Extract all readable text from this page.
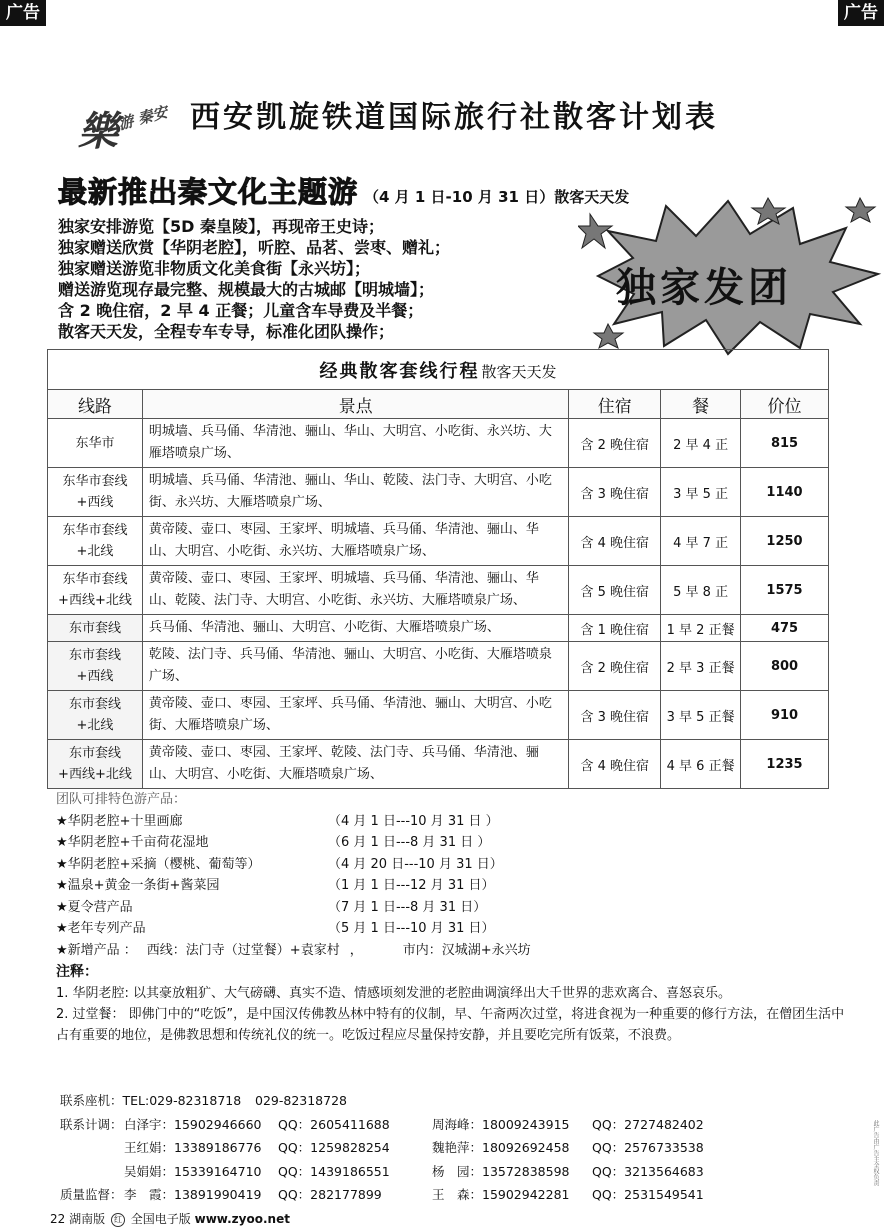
广告	广告
樂
游 秦安 西安凯旋铁道国际旅行社散客计划表
最新推出秦文化主题游 （4 月 1 日-10 月 31 日）散客天天发
独家安排游览【5D 秦皇陵】，再现帝王史诗；
独家赠送欣赏【华阴老腔】，听腔、品茗、尝枣、赠礼；
独家赠送游览非物质文化美食街【永兴坊】；
赠送游览现存最完整、规模最大的古城邮【明城墙】；
含 2 晚住宿，2 早 4 正餐；儿童含车导费及半餐；
散客天天发，全程专车专导，标准化团队操作；
独家发团
经典散客套线行程 散客天天发				
线路	景点	住宿	餐	价位

东华市	明城墙、兵马俑、华清池、骊山、华山、大明宫、小吃街、永兴坊、大雁塔喷泉广场、	含 2 晚住宿	2 早 4 正	815

东华市套线
+西线	明城墙、兵马俑、华清池、骊山、华山、乾陵、法门寺、大明宫、小吃街、永兴坊、大雁塔喷泉广场、	含 3 晚住宿	3 早 5 正	1140

东华市套线
+北线	黄帝陵、壶口、枣园、王家坪、明城墙、兵马俑、华清池、骊山、华山、大明宫、小吃街、永兴坊、大雁塔喷泉广场、	含 4 晚住宿	4 早 7 正	1250

东华市套线
+西线+北线	黄帝陵、壶口、枣园、王家坪、明城墙、兵马俑、华清池、骊山、华山、乾陵、法门寺、大明宫、小吃街、永兴坊、大雁塔喷泉广场、	含 5 晚住宿	5 早 8 正	1575

东市套线	兵马俑、华清池、骊山、大明宫、小吃街、大雁塔喷泉广场、	含 1 晚住宿	1 早 2 正餐	475

东市套线
+西线	乾陵、法门寺、兵马俑、华清池、骊山、大明宫、小吃街、大雁塔喷泉广场、	含 2 晚住宿	2 早 3 正餐	800

东市套线
+北线	黄帝陵、壶口、枣园、王家坪、兵马俑、华清池、骊山、大明宫、小吃街、大雁塔喷泉广场、	含 3 晚住宿	3 早 5 正餐	910

东市套线
+西线+北线	黄帝陵、壶口、枣园、王家坪、乾陵、法门寺、兵马俑、华清池、骊山、大明宫、小吃街、大雁塔喷泉广场、	含 4 晚住宿	4 早 6 正餐	1235
团队可排特色游产品：
★华阴老腔+十里画廊	（4 月 1 日---10 月 31 日 ）
★华阴老腔+千亩荷花湿地	（6 月 1 日---8 月 31 日 ）
★华阴老腔+采摘（樱桃、葡萄等）	（4 月 20 日---10 月 31 日）
★温泉+黄金一条街+酱菜园	（1 月 1 日---12 月 31 日）
★夏令营产品	（7 月 1 日---8 月 31 日）
★老年专列产品	（5 月 1 日---10 月 31 日）
★新增产品 ： 西线：法门寺（过堂餐）+袁家村 ，	市内：汉城湖+永兴坊
注释：
1. 华阴老腔: 以其豪放粗犷、大气磅礴、真实不造、情感顷刻发泄的老腔曲调演绎出大千世界的悲欢离合、喜怒哀乐。
2. 过堂餐： 即佛门中的“吃饭”，是中国汉传佛教丛林中特有的仪制，早、午斋两次过堂，将进食视为一种重要的修行方法，在僧团生活中占有重要的地位，是佛教思想和传统礼仪的统一。吃饭过程应尽量保持安静，并且要吃完所有饭菜，不浪费。
联系座机：TEL:029-82318718 029-82318728
联系计调： 白泽宇：15902946660 QQ：2605411688	周海峰：18009243915 QQ：2727482402
王红娟：13389186776 QQ：1259828254	魏艳萍：18092692458 QQ：2576733538
吴娟娟：15339164710 QQ：1439186551	杨　园：13572838598 QQ：3213564683
质量监督： 李　霞：13891990419 QQ：282177899	王　森：15902942281 QQ：2531549541
此广告由广告主全权负责
22 湖南版 红 全国电子版 www.zyoo.net
